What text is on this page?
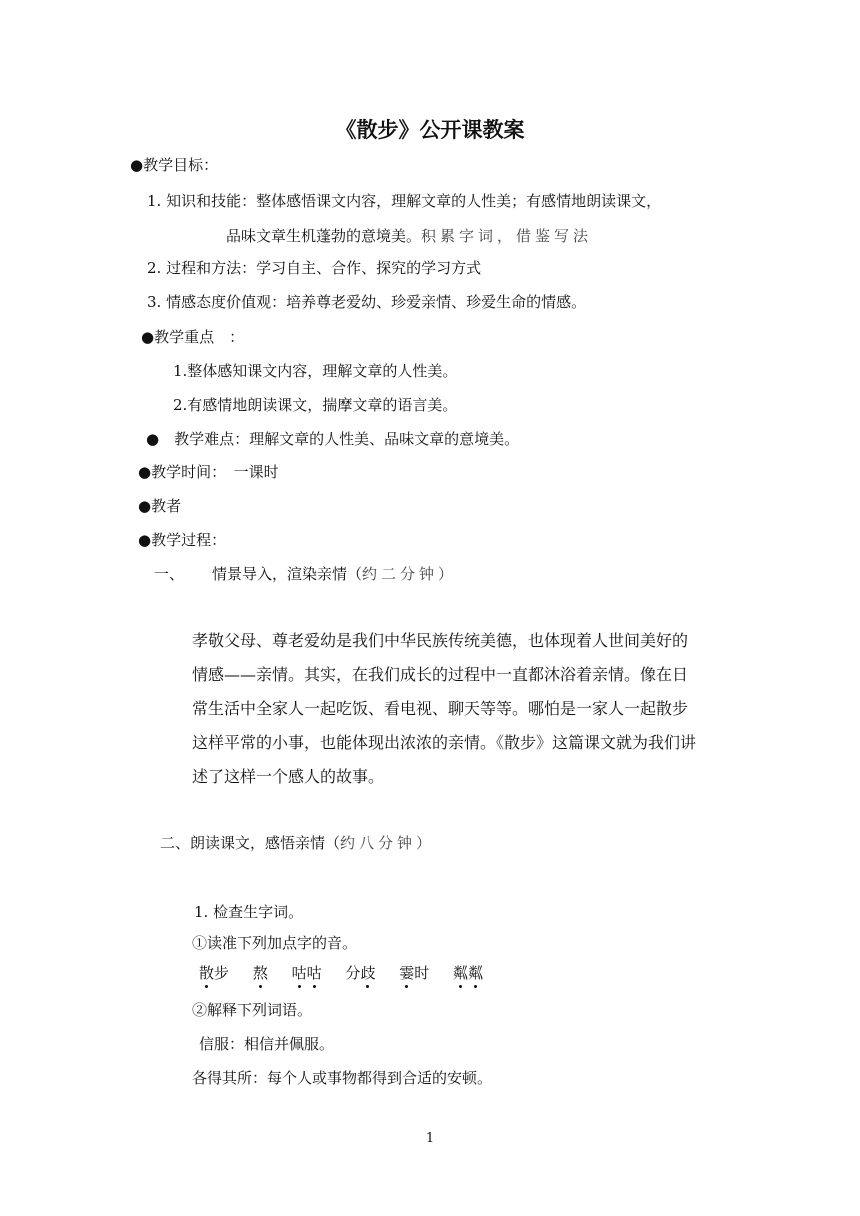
《散步》公开课教案
●教学目标：
1. 知识和技能：整体感悟课文内容，理解文章的人性美；有感情地朗读课文，
品味文章生机蓬勃的意境美。积累字词，借鉴写法
2. 过程和方法：学习自主、合作、探究的学习方式
3. 情感态度价值观：培养尊老爱幼、珍爱亲情、珍爱生命的情感。
●教学重点　：
1.整体感知课文内容，理解文章的人性美。
2.有感情地朗读课文，揣摩文章的语言美。
●　教学难点：理解文章的人性美、品味文章的意境美。
●教学时间：　一课时
●教者
●教学过程：
一、 情景导入，渲染亲情（约二分钟）

孝敬父母、尊老爱幼是我们中华民族传统美德，也体现着人世间美好的

情感——亲情。其实，在我们成长的过程中一直都沐浴着亲情。像在日

常生活中全家人一起吃饭、看电视、聊天等等。哪怕是一家人一起散步

这样平常的小事，也能体现出浓浓的亲情。《散步》这篇课文就为我们讲

述了这样一个感人的故事。

二、朗读课文，感悟亲情（约八分钟）
1. 检查生字词。
①读准下列加点字的音。
散步 熬 咕咕 分歧 霎时 粼粼
②解释下列词语。
信服：相信并佩服。
各得其所：每个人或事物都得到合适的安顿。
1
